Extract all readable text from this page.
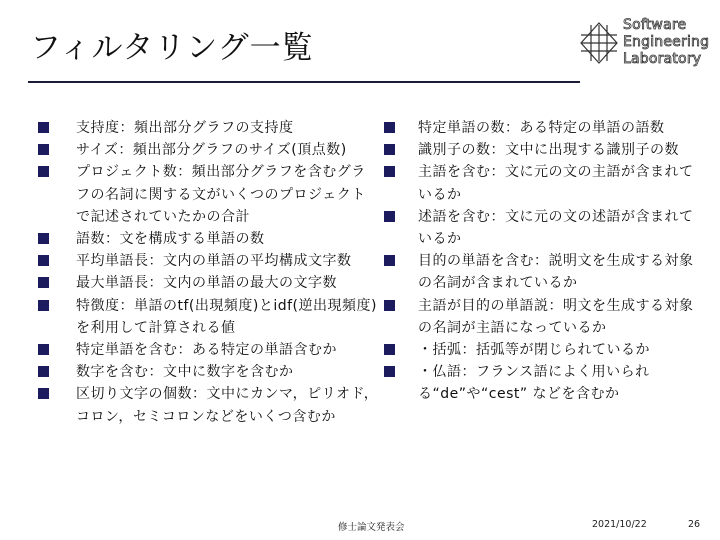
フィルタリング一覧
Software
Engineering
Laboratory
支持度：頻出部分グラフの支持度
サイズ：頻出部分グラフのサイズ(頂点数)
プロジェクト数：頻出部分グラフを含むグラフの名詞に関する文がいくつのプロジェクトで記述されていたかの合計
語数：文を構成する単語の数
平均単語長：文内の単語の平均構成文字数
最大単語長：文内の単語の最大の文字数
特徴度：単語のtf(出現頻度)とidf(逆出現頻度)を利用して計算される値
特定単語を含む：ある特定の単語含むか
数字を含む：文中に数字を含むか
区切り文字の個数：文中にカンマ，ピリオド，コロン，セミコロンなどをいくつ含むか
特定単語の数：ある特定の単語の語数
識別子の数：文中に出現する識別子の数
主語を含む：文に元の文の主語が含まれているか
述語を含む：文に元の文の述語が含まれているか
目的の単語を含む：説明文を生成する対象の名詞が含まれているか
主語が目的の単語説：明文を生成する対象の名詞が主語になっているか
・括弧：括弧等が閉じられているか
・仏語：フランス語によく用いられる“de”や“cest” などを含むか
修士論文発表会	2021/10/22	26
